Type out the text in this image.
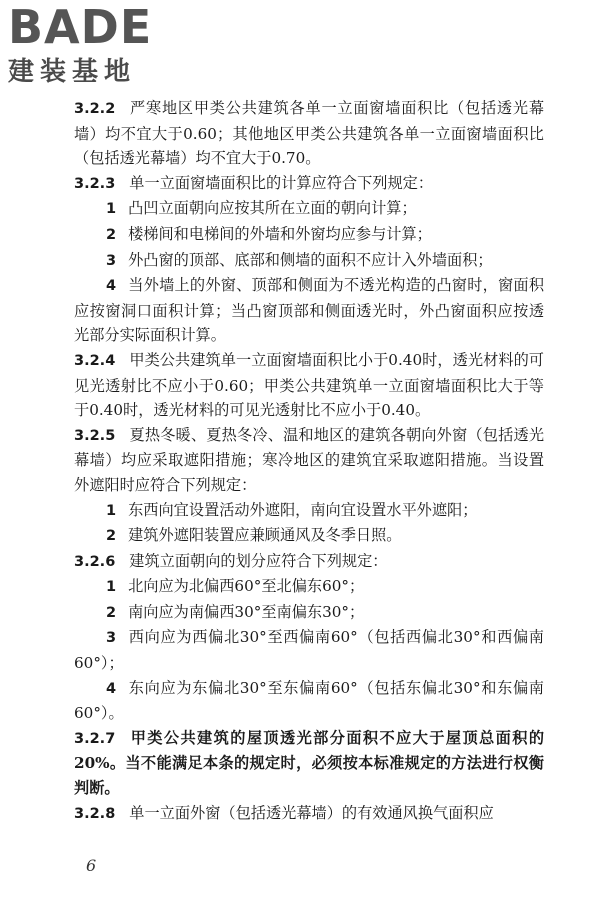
BADE
建装基地

3.2.2 严寒地区甲类公共建筑各单一立面窗墙面积比（包括透光幕墙）均不宜大于0.60；其他地区甲类公共建筑各单一立面窗墙面积比（包括透光幕墙）均不宜大于0.70。

3.2.3 单一立面窗墙面积比的计算应符合下列规定：

1 凸凹立面朝向应按其所在立面的朝向计算；

2 楼梯间和电梯间的外墙和外窗均应参与计算；

3 外凸窗的顶部、底部和侧墙的面积不应计入外墙面积；

4 当外墙上的外窗、顶部和侧面为不透光构造的凸窗时，窗面积应按窗洞口面积计算；当凸窗顶部和侧面透光时，外凸窗面积应按透光部分实际面积计算。

3.2.4 甲类公共建筑单一立面窗墙面积比小于0.40时，透光材料的可见光透射比不应小于0.60；甲类公共建筑单一立面窗墙面积比大于等于0.40时，透光材料的可见光透射比不应小于0.40。

3.2.5 夏热冬暖、夏热冬冷、温和地区的建筑各朝向外窗（包括透光幕墙）均应采取遮阳措施；寒冷地区的建筑宜采取遮阳措施。当设置外遮阳时应符合下列规定：

1 东西向宜设置活动外遮阳，南向宜设置水平外遮阳；

2 建筑外遮阳装置应兼顾通风及冬季日照。

3.2.6 建筑立面朝向的划分应符合下列规定：

1 北向应为北偏西60°至北偏东60°；

2 南向应为南偏西30°至南偏东30°；

3 西向应为西偏北30°至西偏南60°（包括西偏北30°和西偏南60°）；

4 东向应为东偏北30°至东偏南60°（包括东偏北30°和东偏南60°）。

3.2.7 甲类公共建筑的屋顶透光部分面积不应大于屋顶总面积的20%。当不能满足本条的规定时，必须按本标准规定的方法进行权衡判断。

3.2.8 单一立面外窗（包括透光幕墙）的有效通风换气面积应

6
